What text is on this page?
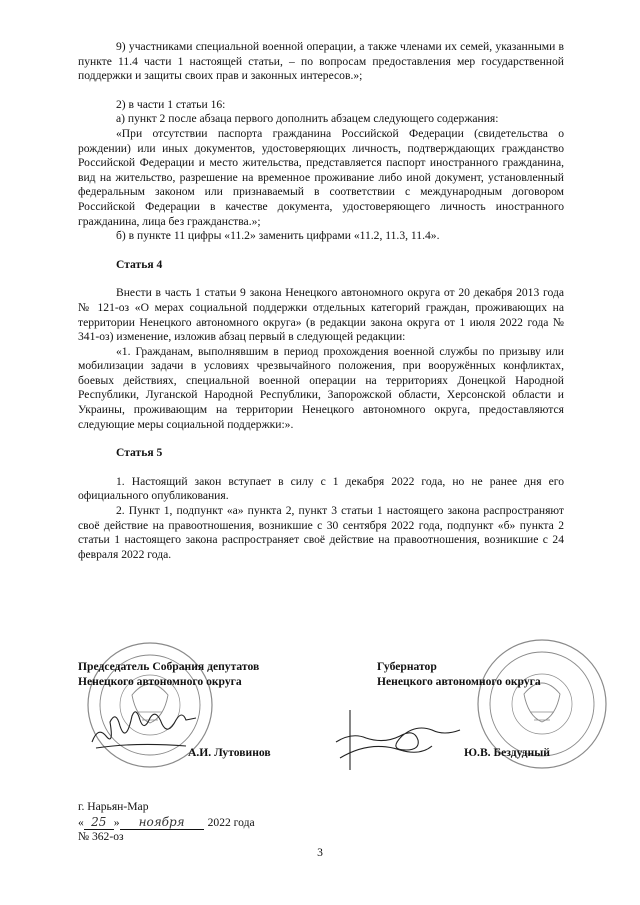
9) участниками специальной военной операции, а также членами их семей, указанными в пункте 11.4 части 1 настоящей статьи, – по вопросам предоставления мер государственной поддержки и защиты своих прав и законных интересов.»;

2) в части 1 статьи 16:

а) пункт 2 после абзаца первого дополнить абзацем следующего содержания:

«При отсутствии паспорта гражданина Российской Федерации (свидетельства о рождении) или иных документов, удостоверяющих личность, подтверждающих гражданство Российской Федерации и место жительства, представляется паспорт иностранного гражданина, вид на жительство, разрешение на временное проживание либо иной документ, установленный федеральным законом или признаваемый в соответствии с международным договором Российской Федерации в качестве документа, удостоверяющего личность иностранного гражданина, лица без гражданства.»;

б) в пункте 11 цифры «11.2» заменить цифрами «11.2, 11.3, 11.4».

Статья 4

Внести в часть 1 статьи 9 закона Ненецкого автономного округа от 20 декабря 2013 года № 121-оз «О мерах социальной поддержки отдельных категорий граждан, проживающих на территории Ненецкого автономного округа» (в редакции закона округа от 1 июля 2022 года № 341-оз) изменение, изложив абзац первый в следующей редакции:

«1. Гражданам, выполнявшим в период прохождения военной службы по призыву или мобилизации задачи в условиях чрезвычайного положения, при вооружённых конфликтах, боевых действиях, специальной военной операции на территориях Донецкой Народной Республики, Луганской Народной Республики, Запорожской области, Херсонской области и Украины, проживающим на территории Ненецкого автономного округа, предоставляются следующие меры социальной поддержки:».

Статья 5

1. Настоящий закон вступает в силу с 1 декабря 2022 года, но не ранее дня его официального опубликования.

2. Пункт 1, подпункт «а» пункта 2, пункт 3 статьи 1 настоящего закона распространяют своё действие на правоотношения, возникшие с 30 сентября 2022 года, подпункт «б» пункта 2 статьи 1 настоящего закона распространяет своё действие на правоотношения, возникшие с 24 февраля 2022 года.

Председатель Собрания депутатов
Ненецкого автономного округа
Губернатор
Ненецкого автономного округа
А.И. Лутовинов	Ю.В. Бездудный
г. Нарьян-Мар
« 25 »	ноября	2022 года
№ 362-оз
3
